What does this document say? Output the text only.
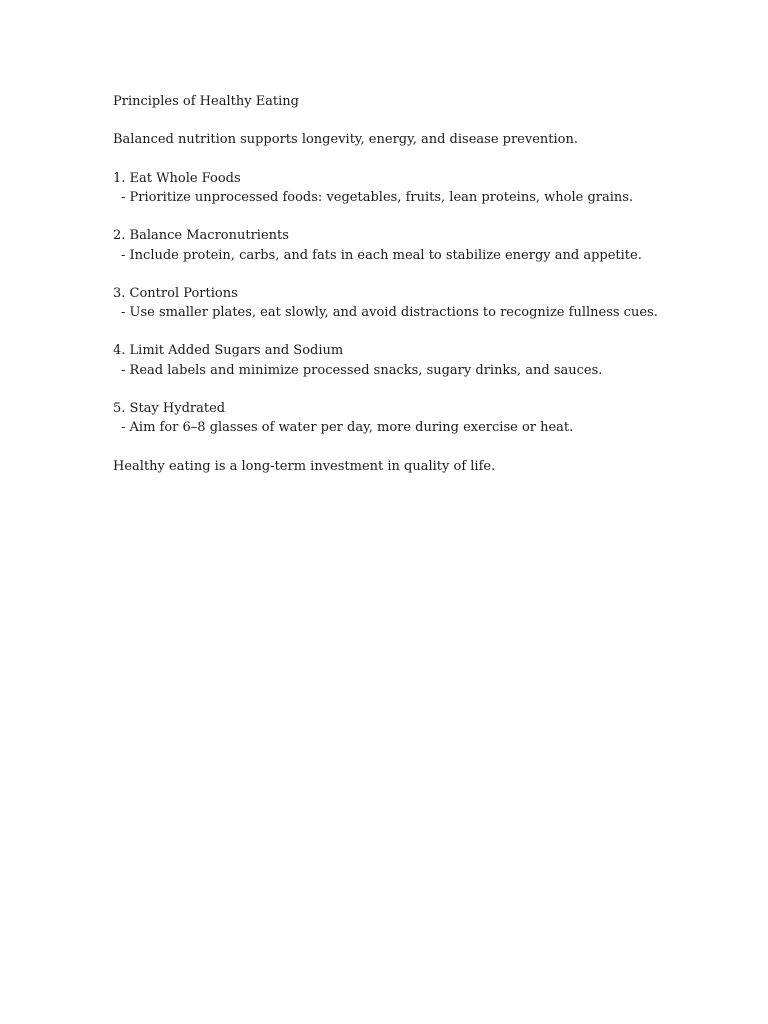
Principles of Healthy Eating

Balanced nutrition supports longevity, energy, and disease prevention.

1. Eat Whole Foods

- Prioritize unprocessed foods: vegetables, fruits, lean proteins, whole grains.

2. Balance Macronutrients

- Include protein, carbs, and fats in each meal to stabilize energy and appetite.

3. Control Portions

- Use smaller plates, eat slowly, and avoid distractions to recognize fullness cues.

4. Limit Added Sugars and Sodium

- Read labels and minimize processed snacks, sugary drinks, and sauces.

5. Stay Hydrated

- Aim for 6–8 glasses of water per day, more during exercise or heat.

Healthy eating is a long-term investment in quality of life.
